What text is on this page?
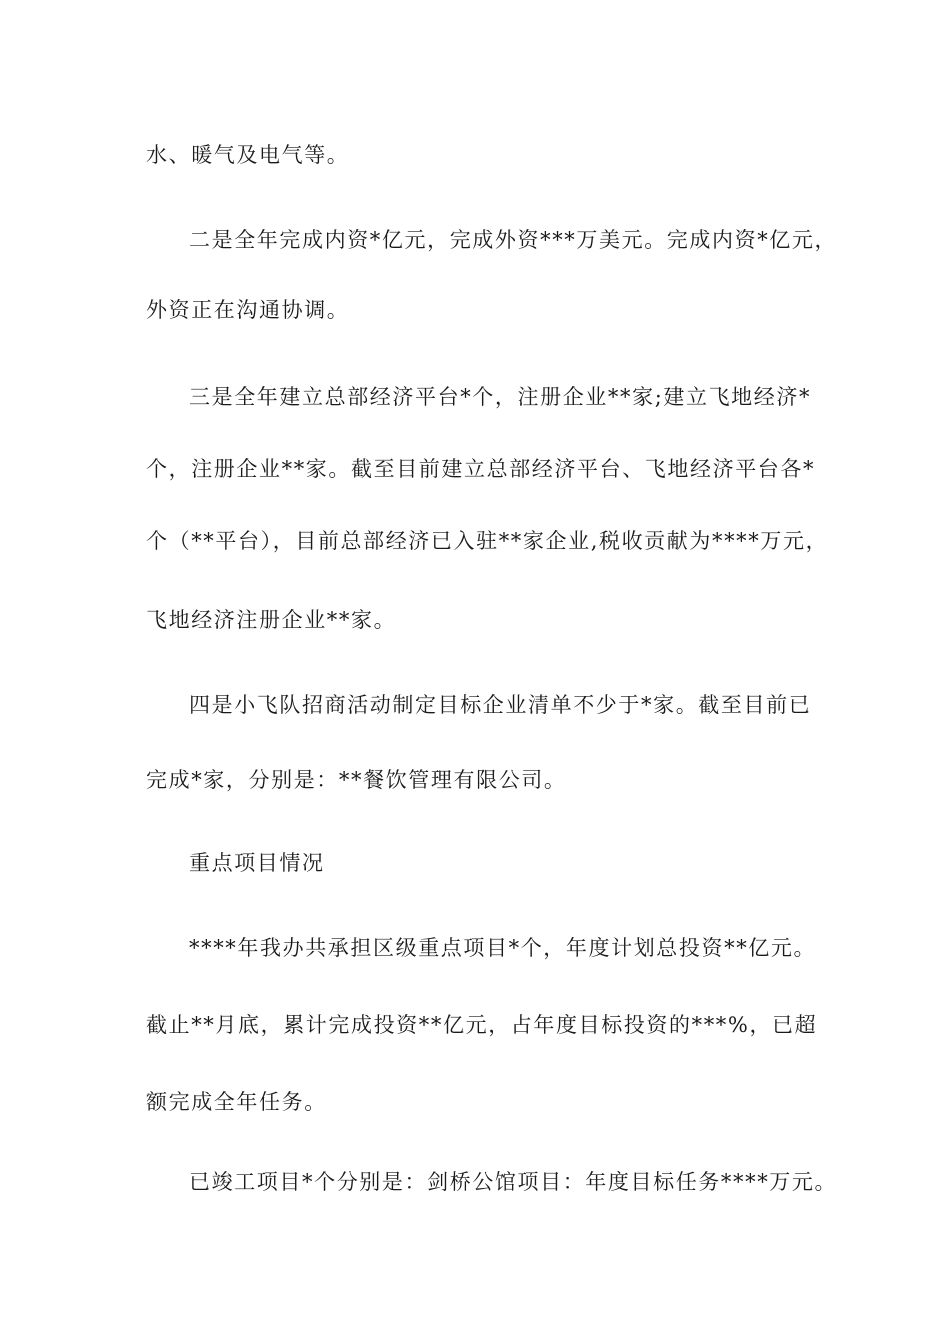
水、暖气及电气等。
二是全年完成内资*亿元，完成外资***万美元。完成内资*亿元，
外资正在沟通协调。
三是全年建立总部经济平台*个，注册企业**家;建立飞地经济*
个，注册企业**家。截至目前建立总部经济平台、飞地经济平台各*
个（**平台），目前总部经济已入驻**家企业,税收贡献为****万元，
飞地经济注册企业**家。
四是小飞队招商活动制定目标企业清单不少于*家。截至目前已
完成*家，分别是：**餐饮管理有限公司。
重点项目情况
****年我办共承担区级重点项目*个，年度计划总投资**亿元。
截止**月底，累计完成投资**亿元，占年度目标投资的***%，已超
额完成全年任务。
已竣工项目*个分别是：剑桥公馆项目：年度目标任务****万元。
